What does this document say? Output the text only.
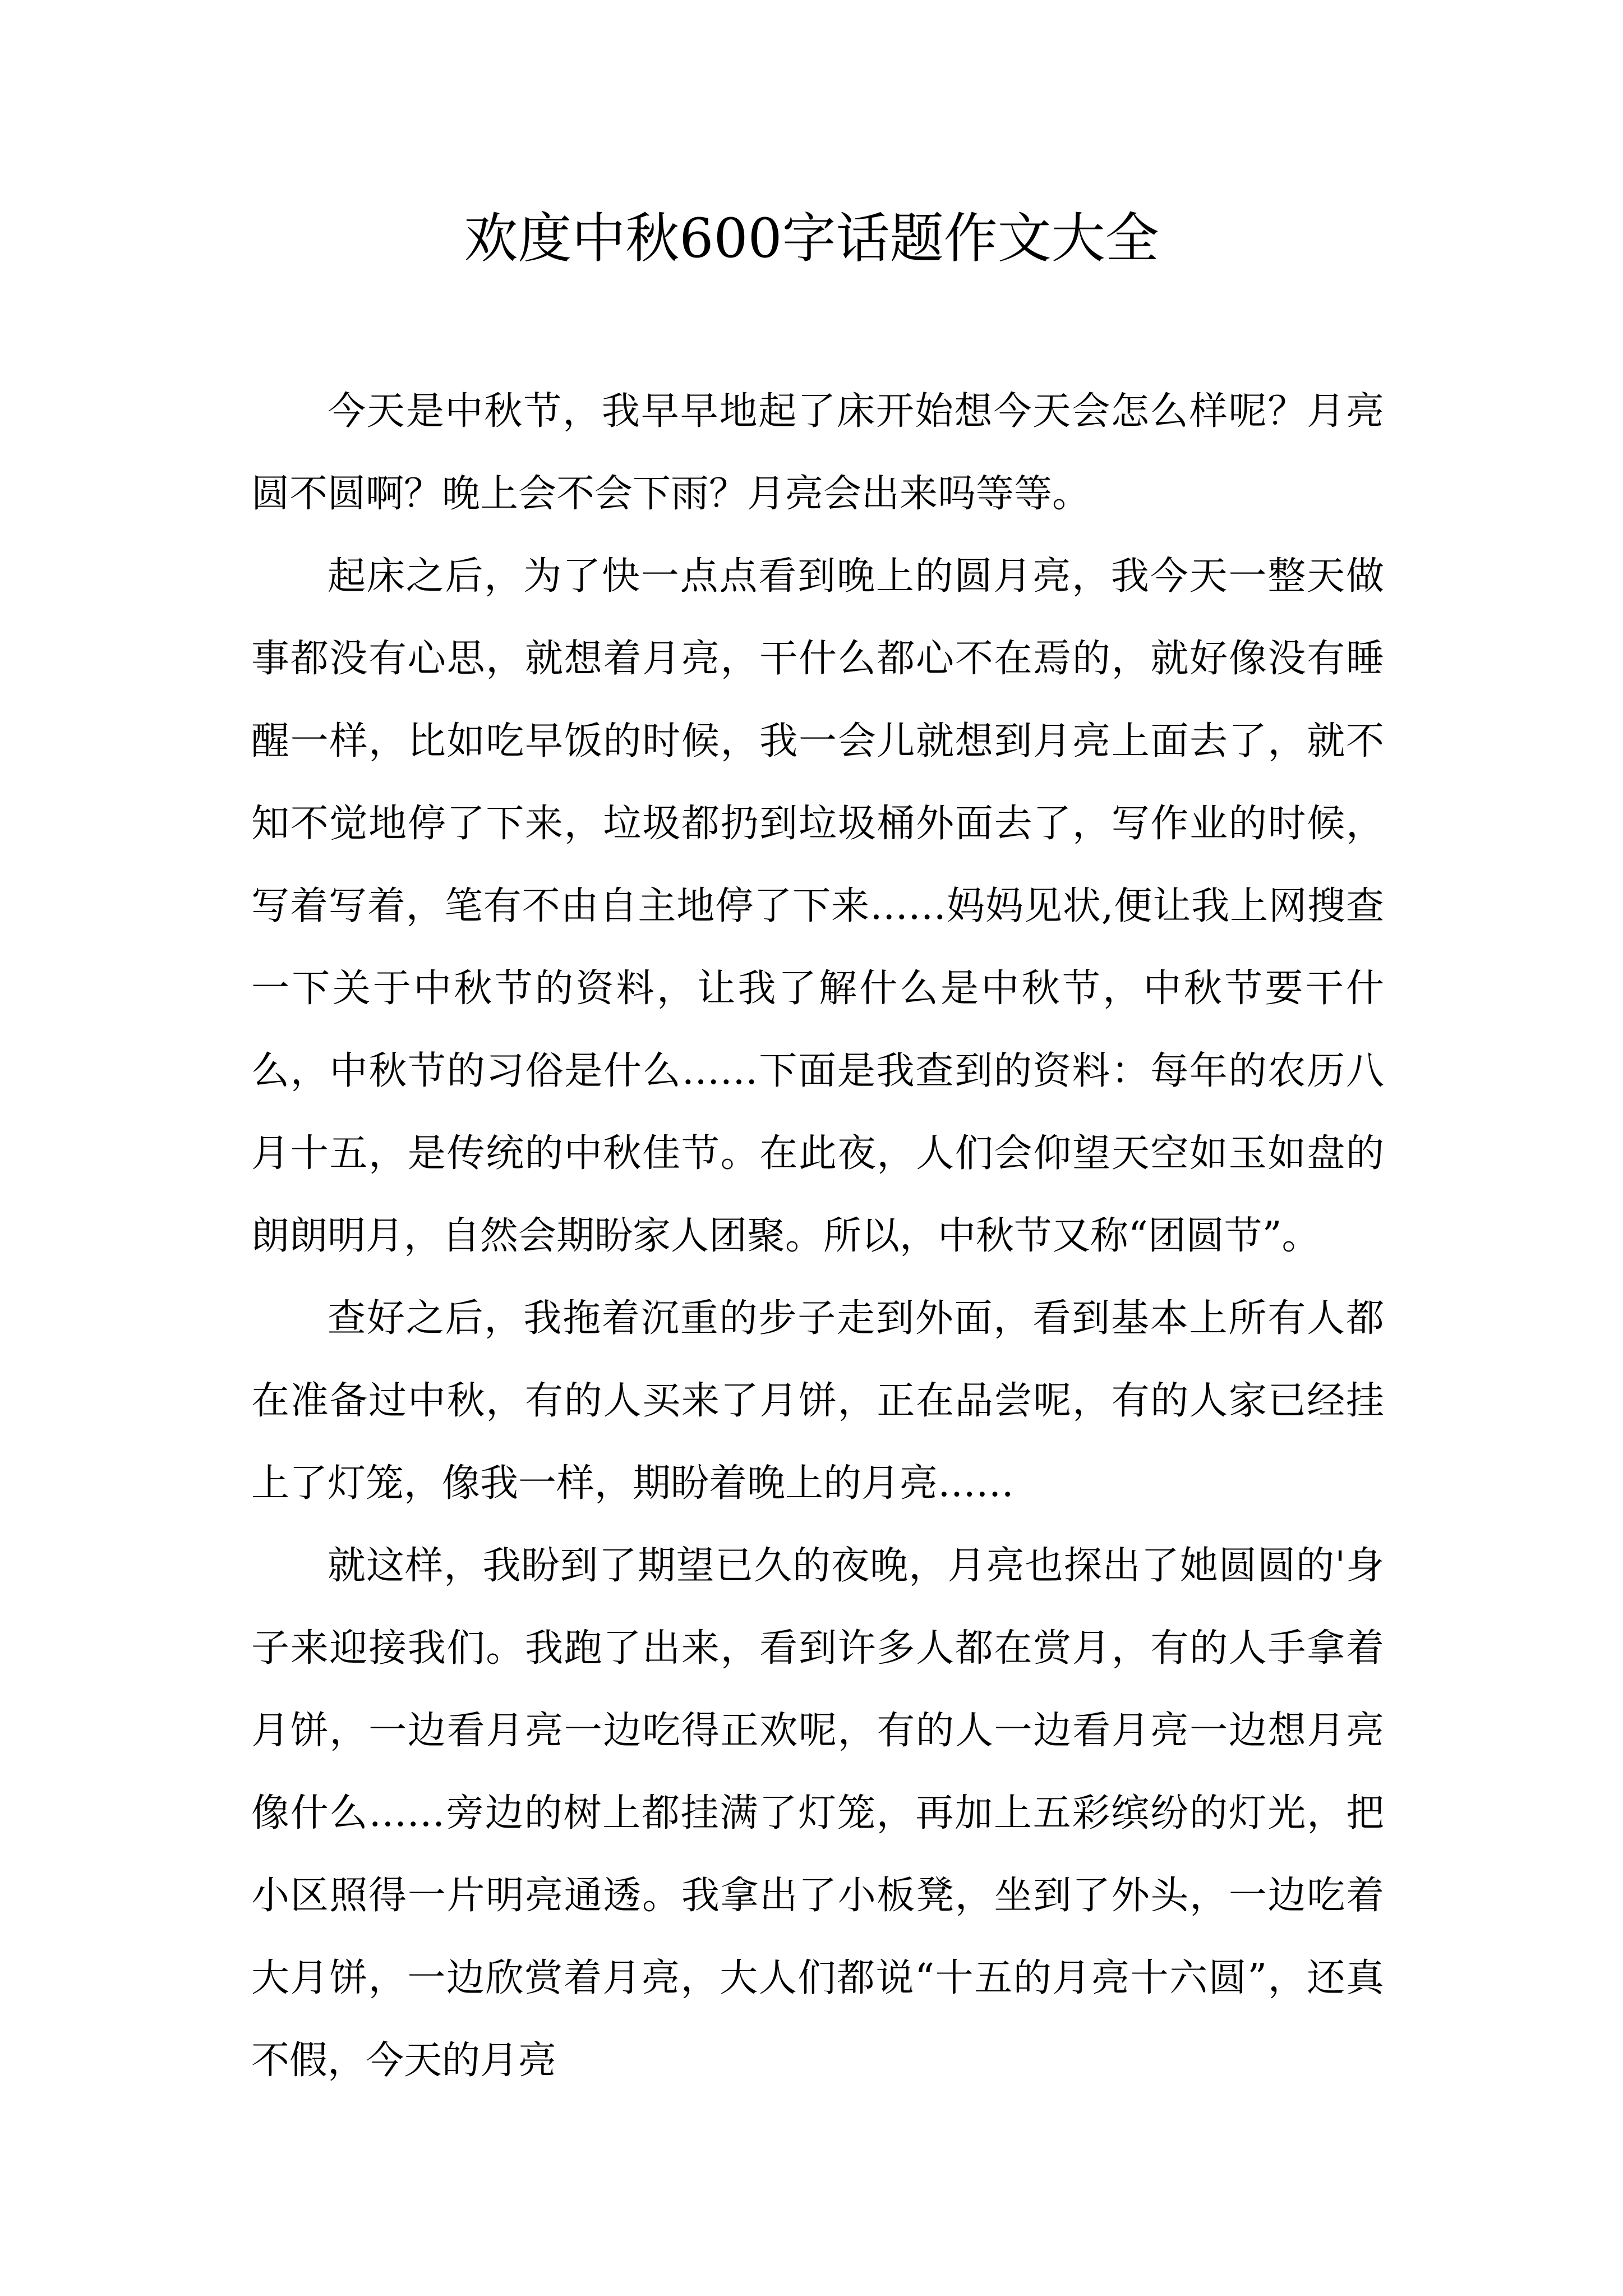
欢度中秋600字话题作文大全

今天是中秋节，我早早地起了床开始想今天会怎么样呢？月亮圆不圆啊？晚上会不会下雨？月亮会出来吗等等。

起床之后，为了快一点点看到晚上的圆月亮，我今天一整天做事都没有心思，就想着月亮，干什么都心不在焉的，就好像没有睡醒一样，比如吃早饭的时候，我一会儿就想到月亮上面去了，就不知不觉地停了下来，垃圾都扔到垃圾桶外面去了，写作业的时候，写着写着，笔有不由自主地停了下来……妈妈见状,便让我上网搜查一下关于中秋节的资料，让我了解什么是中秋节，中秋节要干什么，中秋节的习俗是什么……下面是我查到的资料：每年的农历八月十五，是传统的中秋佳节。在此夜，人们会仰望天空如玉如盘的朗朗明月，自然会期盼家人团聚。所以，中秋节又称“团圆节”。

查好之后，我拖着沉重的步子走到外面，看到基本上所有人都在准备过中秋，有的人买来了月饼，正在品尝呢，有的人家已经挂上了灯笼，像我一样，期盼着晚上的月亮……

就这样，我盼到了期望已久的夜晚，月亮也探出了她圆圆的'身子来迎接我们。我跑了出来，看到许多人都在赏月，有的人手拿着月饼，一边看月亮一边吃得正欢呢，有的人一边看月亮一边想月亮像什么……旁边的树上都挂满了灯笼，再加上五彩缤纷的灯光，把小区照得一片明亮通透。我拿出了小板凳，坐到了外头，一边吃着大月饼，一边欣赏着月亮，大人们都说“十五的月亮十六圆”，还真不假，今天的月亮
